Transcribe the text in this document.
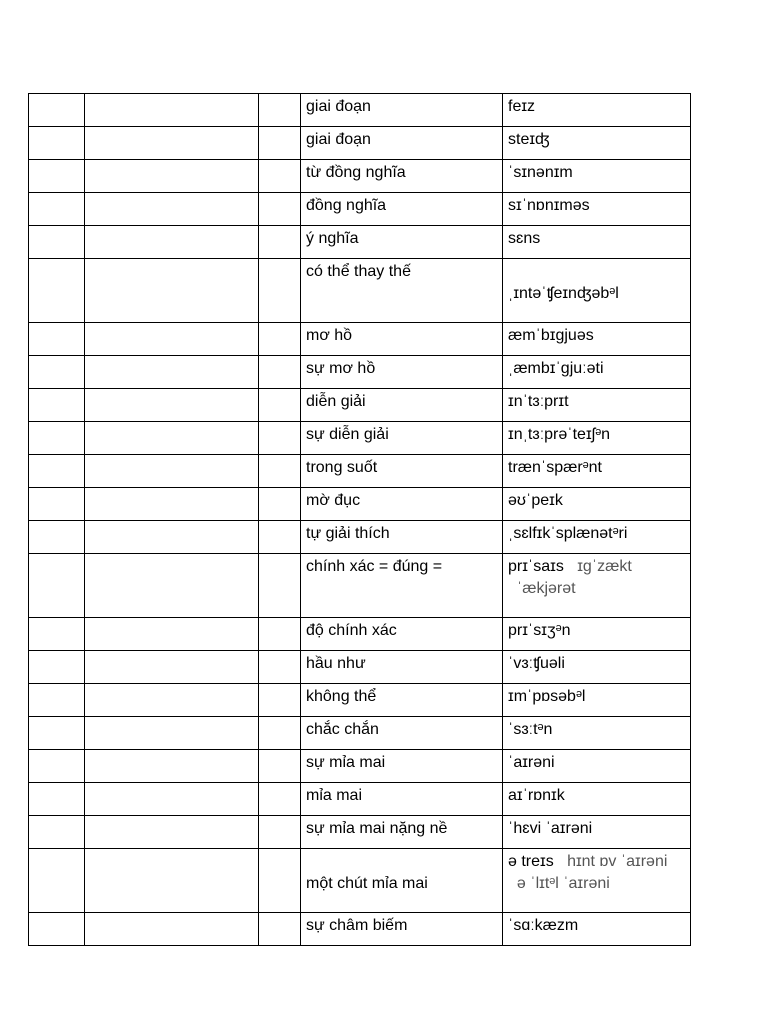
			giai đoạn	feɪz
			giai đoạn	steɪʤ
			từ đồng nghĩa	ˈsɪnənɪm
			đồng nghĩa	sɪˈnɒnɪməs
			ý nghĩa	sɛns
			có thể thay thế	ˌɪntəˈʧeɪnʤəbᵊl
			mơ hồ	æmˈbɪgjuəs
			sự mơ hồ	ˌæmbɪˈgjuːəti
			diễn giải	ɪnˈtɜːprɪt
			sự diễn giải	ɪnˌtɜːprəˈteɪʃᵊn
			trong suốt	trænˈspærᵊnt
			mờ đục	əʊˈpeɪk
			tự giải thích	ˌsɛlfɪkˈsplænətᵊri
			chính xác = đúng =	prɪˈsaɪs ɪgˈzækt
ˈækjərət
			độ chính xác	prɪˈsɪʒᵊn
			hầu như	ˈvɜːʧuəli
			không thể	ɪmˈpɒsəbᵊl
			chắc chắn	ˈsɜːtᵊn
			sự mỉa mai	ˈaɪrəni
			mỉa mai	aɪˈrɒnɪk
			sự mỉa mai nặng nề	ˈhɛvi ˈaɪrəni

một chút mỉa mai	ə treɪs hɪnt ɒv ˈaɪrəni
ə ˈlɪtᵊl ˈaɪrəni
			sự châm biếm	ˈsɑːkæzm
